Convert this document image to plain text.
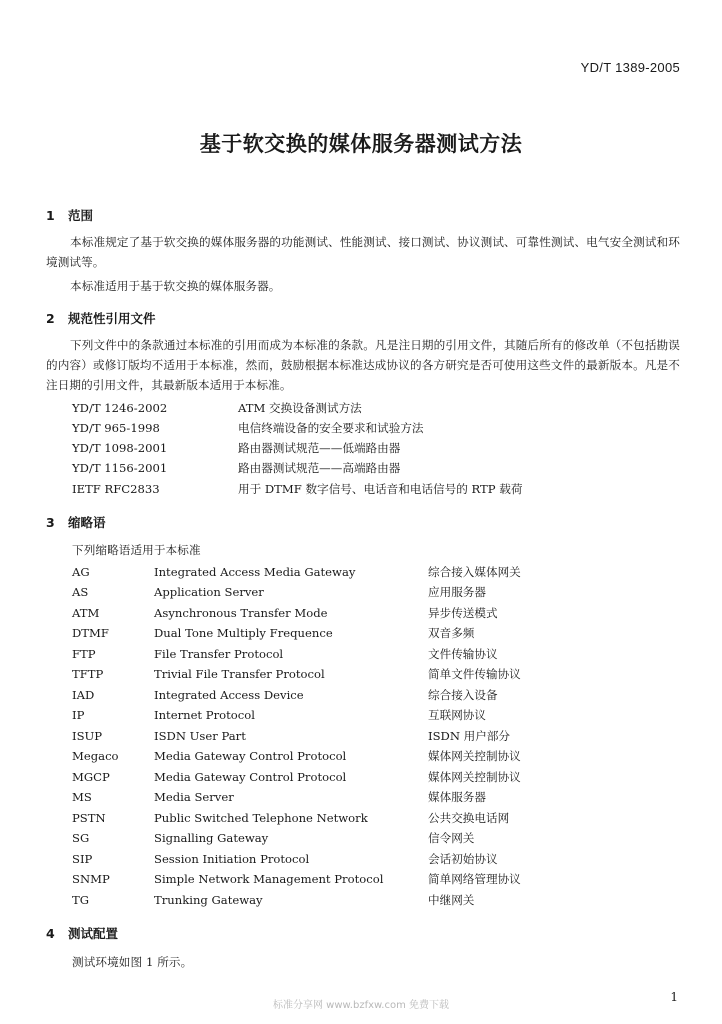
YD/T 1389-2005
基于软交换的媒体服务器测试方法
1 范围

本标准规定了基于软交换的媒体服务器的功能测试、性能测试、接口测试、协议测试、可靠性测试、电气安全测试和环境测试等。

本标准适用于基于软交换的媒体服务器。

2 规范性引用文件

下列文件中的条款通过本标准的引用而成为本标准的条款。凡是注日期的引用文件，其随后所有的修改单（不包括勘误的内容）或修订版均不适用于本标准，然而，鼓励根据本标准达成协议的各方研究是否可使用这些文件的最新版本。凡是不注日期的引用文件，其最新版本适用于本标准。

YD/T 1246-2002	ATM 交换设备测试方法
YD/T 965-1998	电信终端设备的安全要求和试验方法
YD/T 1098-2001	路由器测试规范——低端路由器
YD/T 1156-2001	路由器测试规范——高端路由器
IETF RFC2833	用于 DTMF 数字信号、电话音和电话信号的 RTP 载荷
3 缩略语

下列缩略语适用于本标准

AG	Integrated Access Media Gateway	综合接入媒体网关
AS	Application Server	应用服务器
ATM	Asynchronous Transfer Mode	异步传送模式
DTMF	Dual Tone Multiply Frequence	双音多频
FTP	File Transfer Protocol	文件传输协议
TFTP	Trivial File Transfer Protocol	简单文件传输协议
IAD	Integrated Access Device	综合接入设备
IP	Internet Protocol	互联网协议
ISUP	ISDN User Part	ISDN 用户部分
Megaco	Media Gateway Control Protocol	媒体网关控制协议
MGCP	Media Gateway Control Protocol	媒体网关控制协议
MS	Media Server	媒体服务器
PSTN	Public Switched Telephone Network	公共交换电话网
SG	Signalling Gateway	信令网关
SIP	Session Initiation Protocol	会话初始协议
SNMP	Simple Network Management Protocol	简单网络管理协议
TG	Trunking Gateway	中继网关
4 测试配置

测试环境如图 1 所示。

标准分享网 www.bzfxw.com 免费下载
1
